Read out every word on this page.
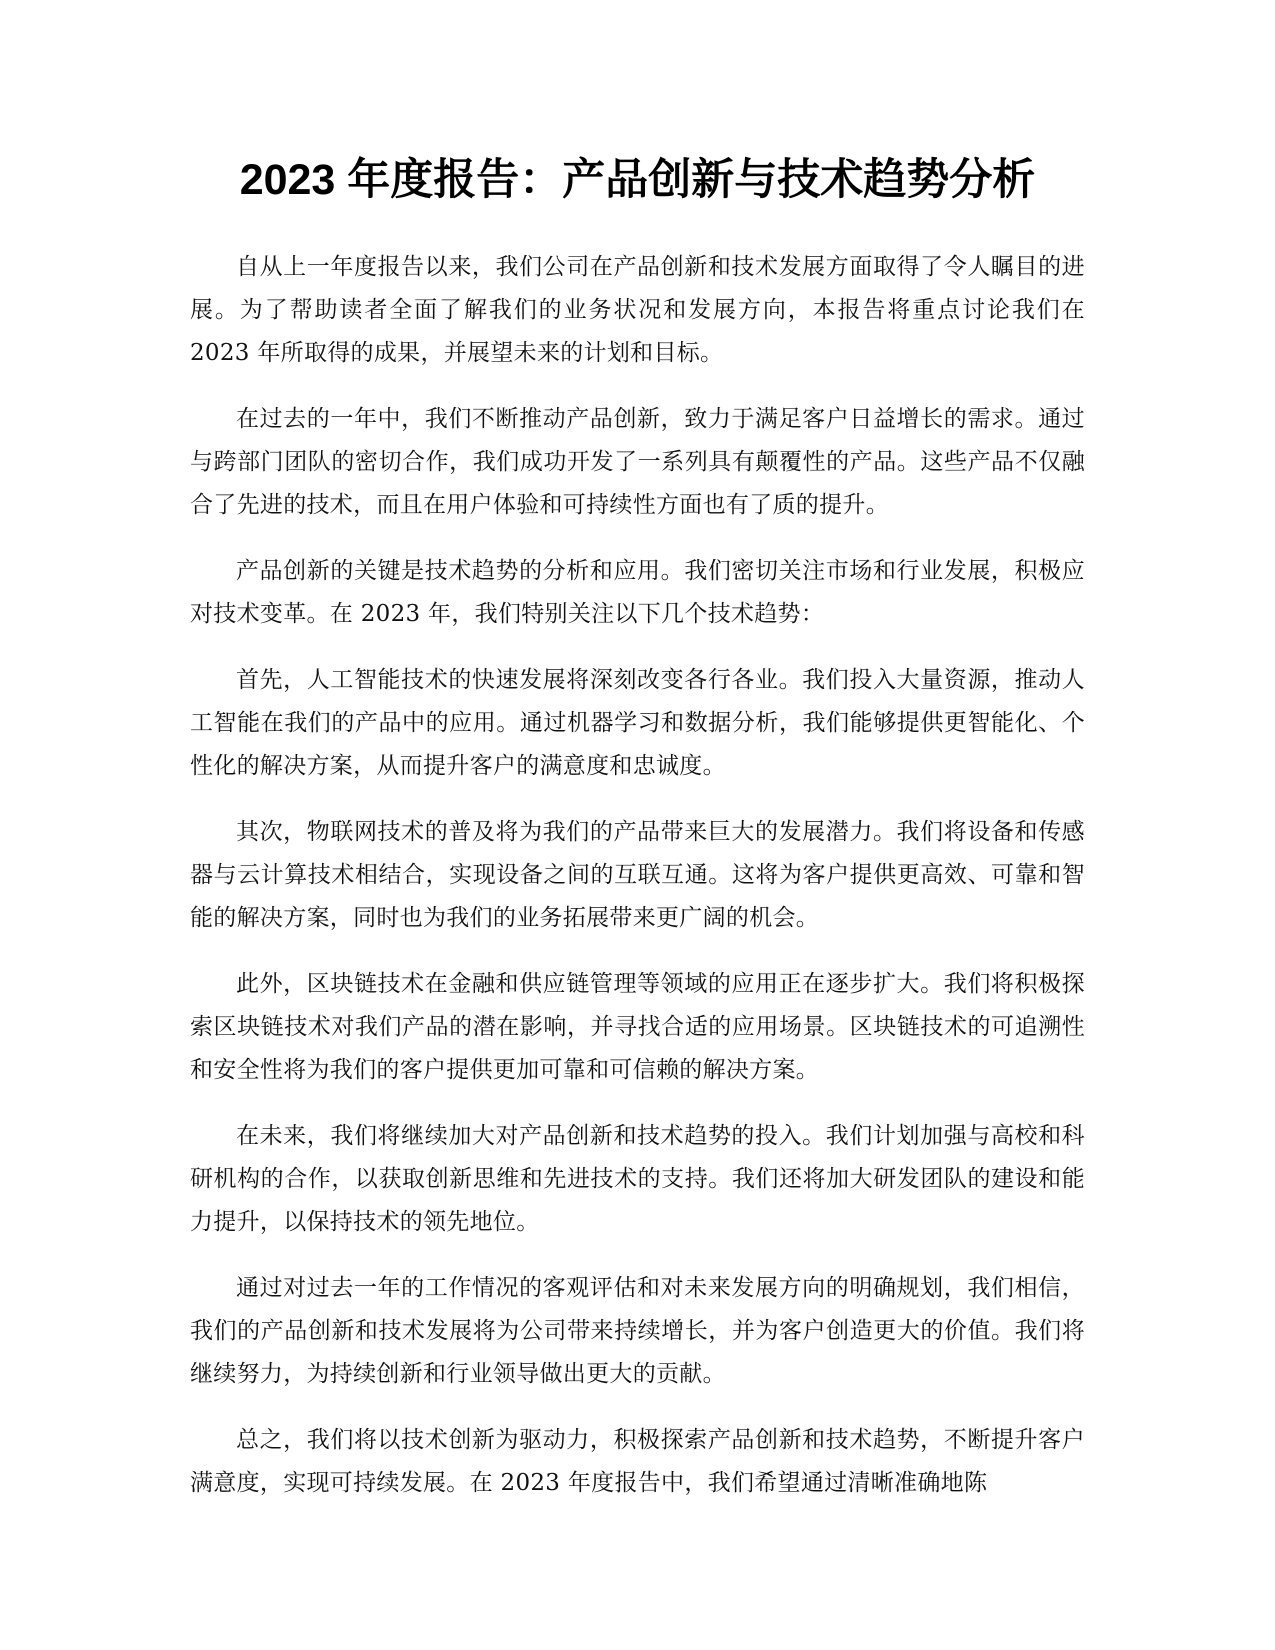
2023 年度报告：产品创新与技术趋势分析

自从上一年度报告以来，我们公司在产品创新和技术发展方面取得了令人瞩目的进展。为了帮助读者全面了解我们的业务状况和发展方向，本报告将重点讨论我们在 2023 年所取得的成果，并展望未来的计划和目标。

在过去的一年中，我们不断推动产品创新，致力于满足客户日益增长的需求。通过与跨部门团队的密切合作，我们成功开发了一系列具有颠覆性的产品。这些产品不仅融合了先进的技术，而且在用户体验和可持续性方面也有了质的提升。

产品创新的关键是技术趋势的分析和应用。我们密切关注市场和行业发展，积极应对技术变革。在 2023 年，我们特别关注以下几个技术趋势：

首先，人工智能技术的快速发展将深刻改变各行各业。我们投入大量资源，推动人工智能在我们的产品中的应用。通过机器学习和数据分析，我们能够提供更智能化、个性化的解决方案，从而提升客户的满意度和忠诚度。

其次，物联网技术的普及将为我们的产品带来巨大的发展潜力。我们将设备和传感器与云计算技术相结合，实现设备之间的互联互通。这将为客户提供更高效、可靠和智能的解决方案，同时也为我们的业务拓展带来更广阔的机会。

此外，区块链技术在金融和供应链管理等领域的应用正在逐步扩大。我们将积极探索区块链技术对我们产品的潜在影响，并寻找合适的应用场景。区块链技术的可追溯性和安全性将为我们的客户提供更加可靠和可信赖的解决方案。

在未来，我们将继续加大对产品创新和技术趋势的投入。我们计划加强与高校和科研机构的合作，以获取创新思维和先进技术的支持。我们还将加大研发团队的建设和能力提升，以保持技术的领先地位。

通过对过去一年的工作情况的客观评估和对未来发展方向的明确规划，我们相信，我们的产品创新和技术发展将为公司带来持续增长，并为客户创造更大的价值。我们将继续努力，为持续创新和行业领导做出更大的贡献。

总之，我们将以技术创新为驱动力，积极探索产品创新和技术趋势，不断提升客户满意度，实现可持续发展。在 2023 年度报告中，我们希望通过清晰准确地陈
